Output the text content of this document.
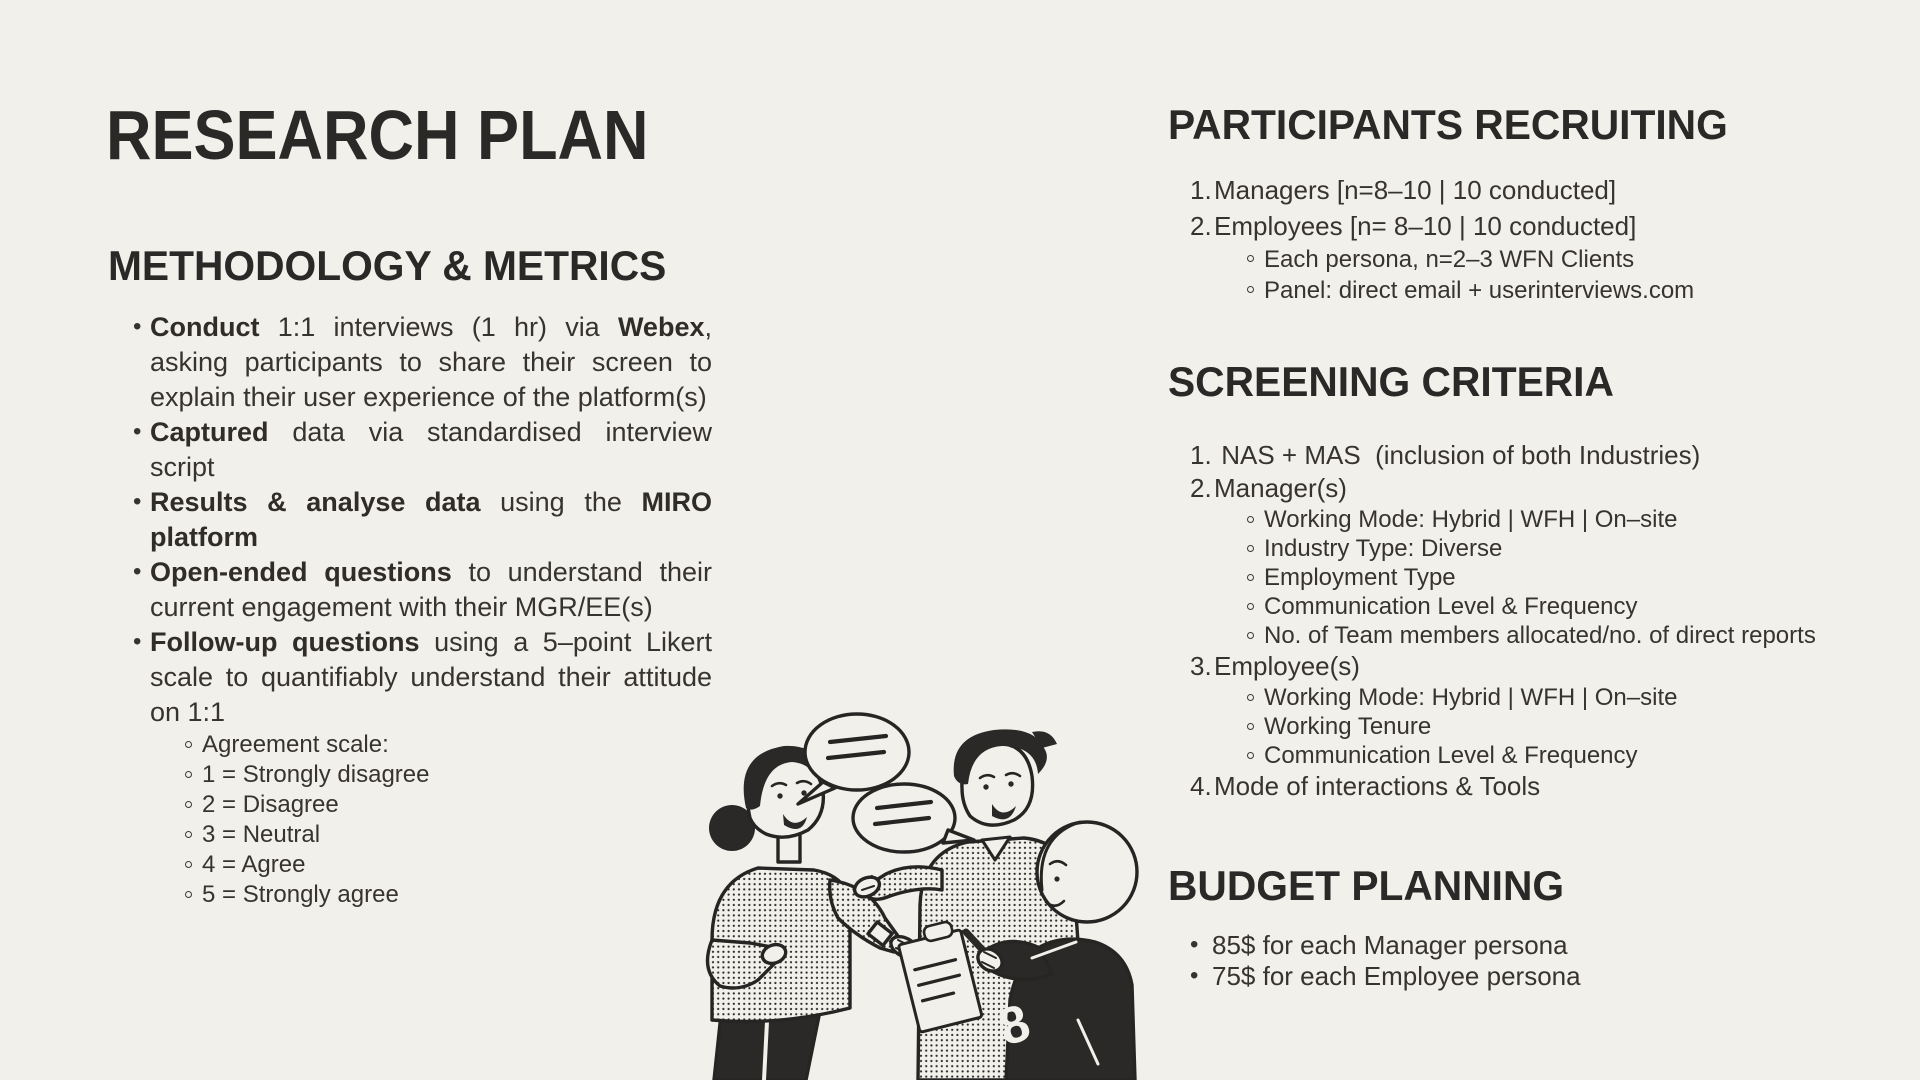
RESEARCH PLAN
METHODOLOGY & METRICS
• Conduct 1:1 interviews (1 hr) via Webex, asking participants to share their screen to explain their user experience of the platform(s)
• Captured data via standardised interview script
• Results & analyse data using the MIRO platform
• Open-ended questions to understand their current engagement with their MGR/EE(s)
• Follow-up questions using a 5–point Likert scale to quantifiably understand their attitude on 1:1
Agreement scale:
1 = Strongly disagree
2 = Disagree
3 = Neutral
4 = Agree
5 = Strongly agree
PARTICIPANTS RECRUITING
Managers [n=8–10 | 10 conducted]
Employees [n= 8–10 | 10 conducted]
Each persona, n=2–3 WFN Clients
Panel: direct email + userinterviews.com
SCREENING CRITERIA
NAS + MAS  (inclusion of both Industries)
Manager(s)
Working Mode: Hybrid | WFH | On–site
Industry Type: Diverse
Employment Type
Communication Level & Frequency
No. of Team members allocated/no. of direct reports
Employee(s)
Working Mode: Hybrid | WFH | On–site
Working Tenure
Communication Level & Frequency
Mode of interactions & Tools
BUDGET PLANNING
• 85$ for each Manager persona
• 75$ for each Employee persona
8
